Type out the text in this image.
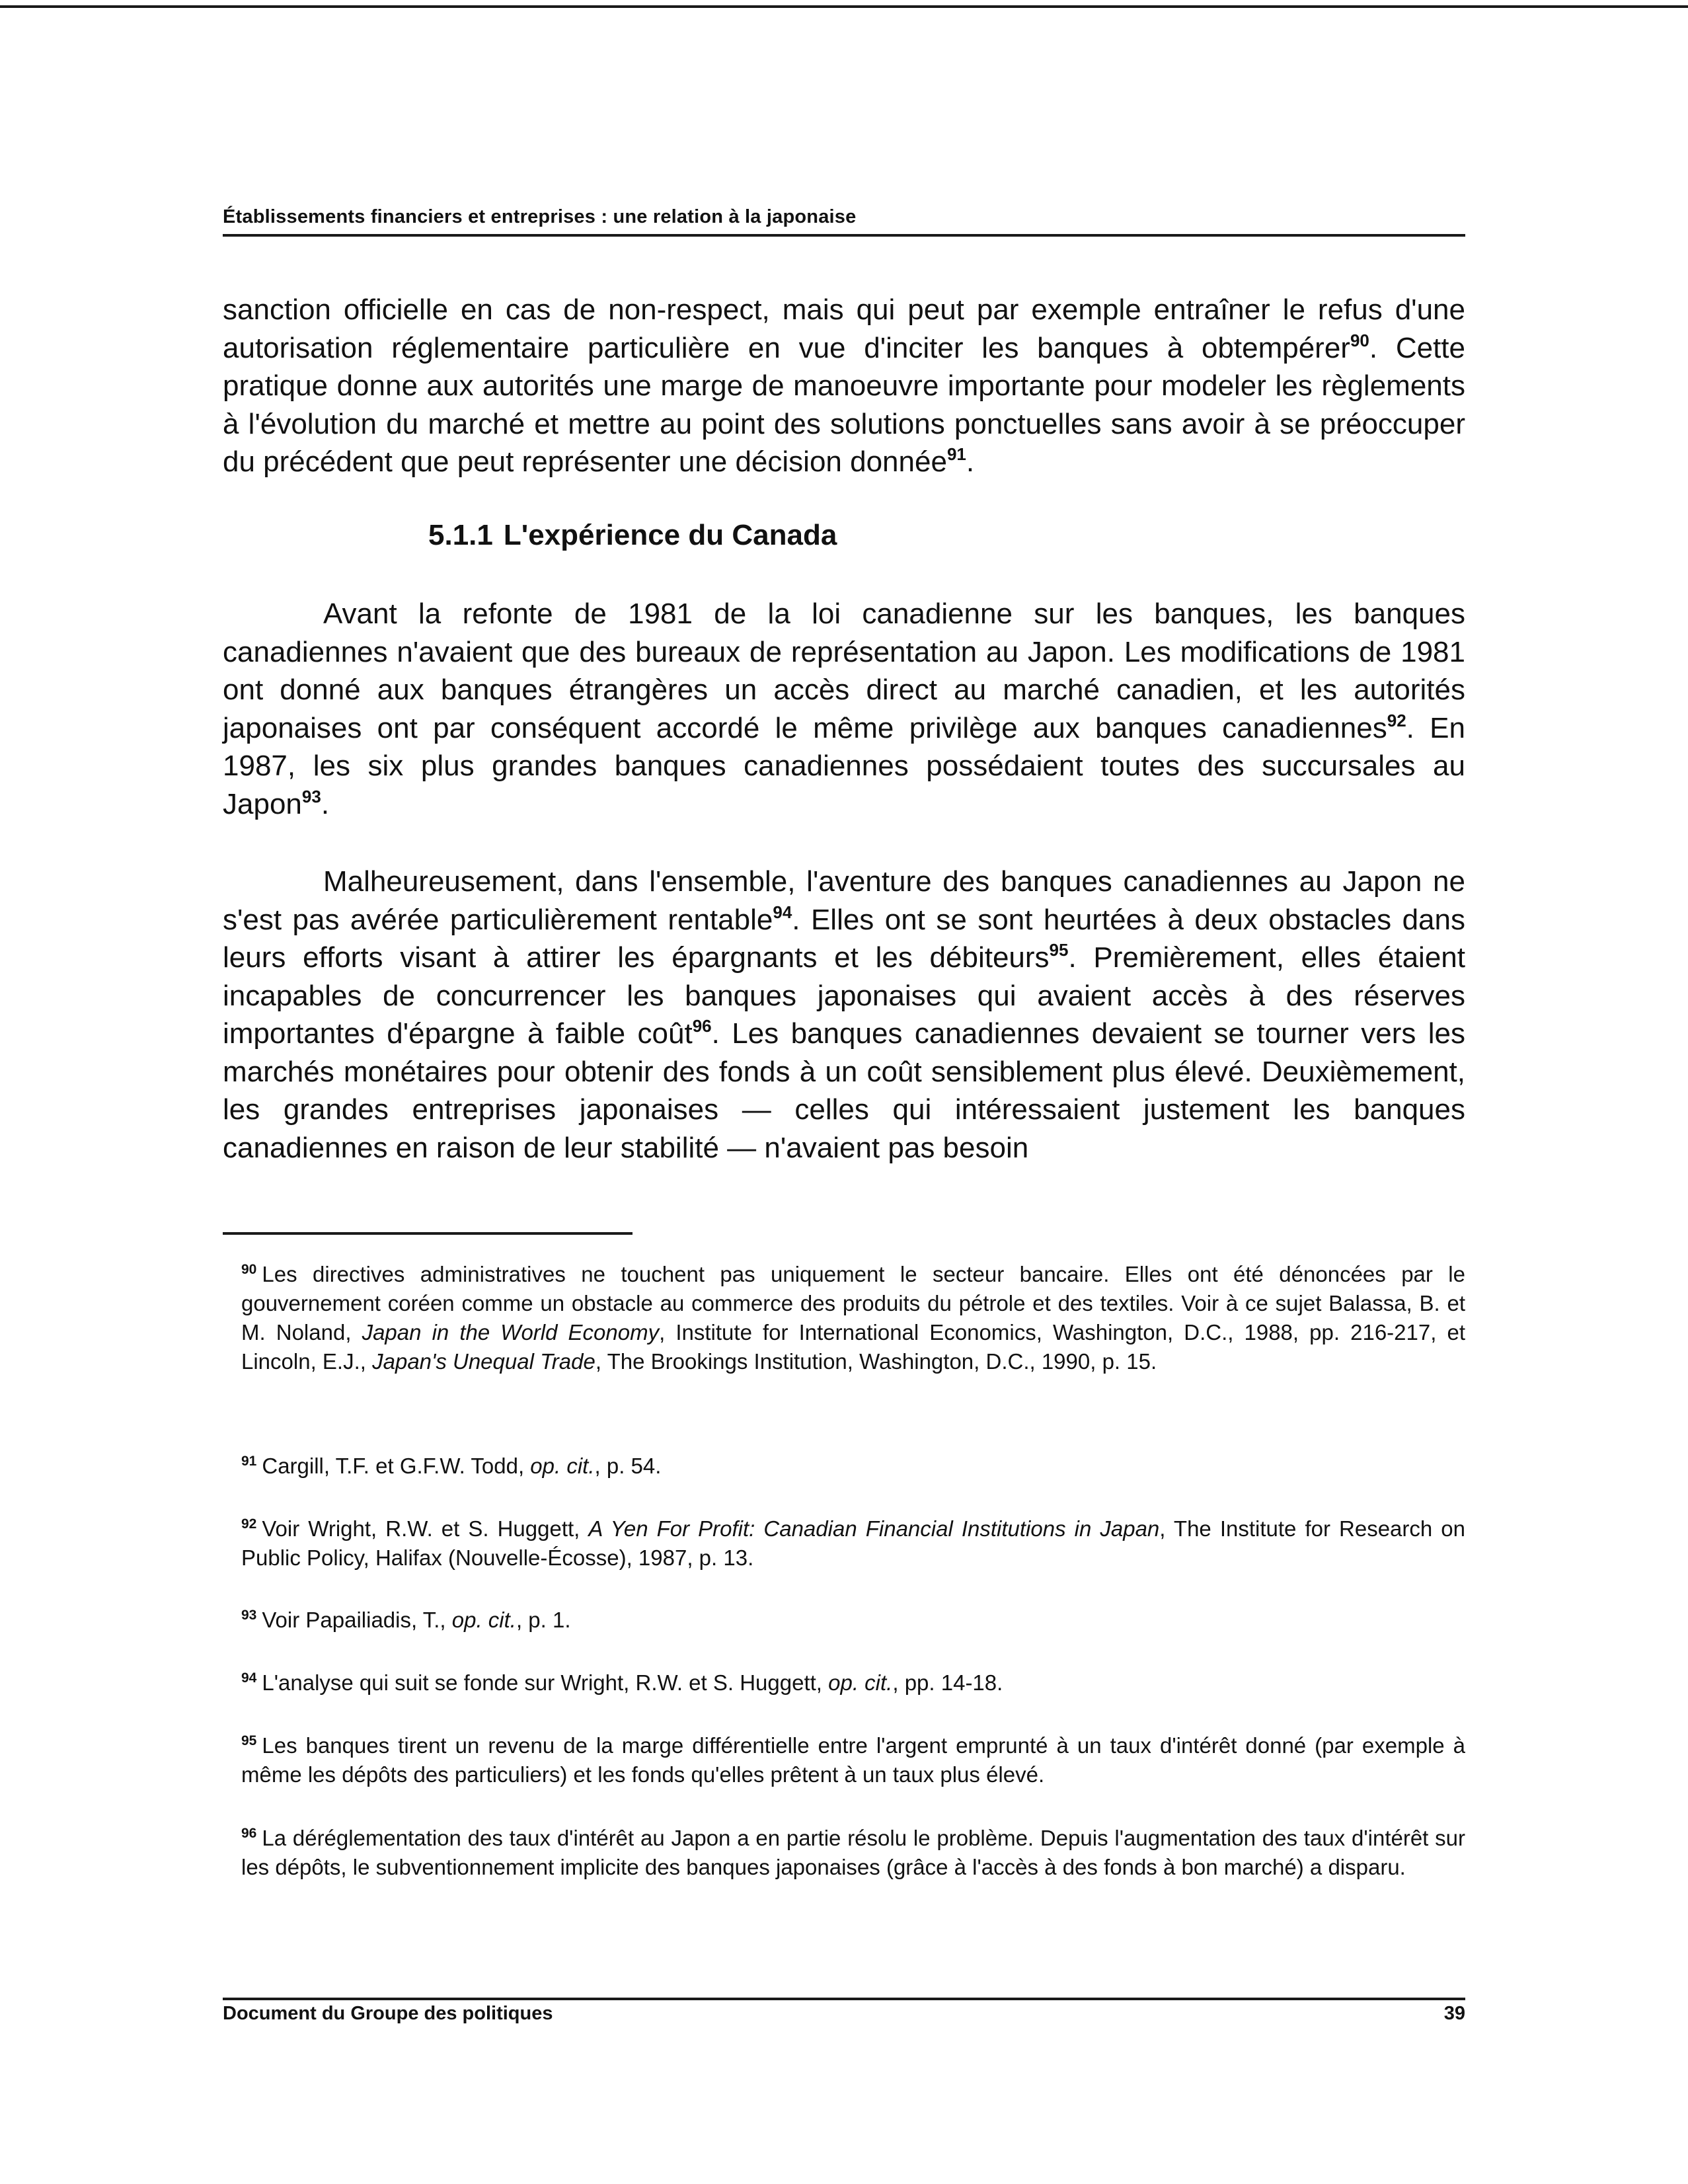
Établissements financiers et entreprises : une relation à la japonaise

sanction officielle en cas de non-respect, mais qui peut par exemple entraîner le refus d'une autorisation réglementaire particulière en vue d'inciter les banques à obtempérer$^{90}$. Cette pratique donne aux autorités une marge de manoeuvre importante pour modeler les règlements à l'évolution du marché et mettre au point des solutions ponctuelles sans avoir à se préoccuper du précédent que peut représenter une décision donnée$^{91}$.

5.1.1 L'expérience du Canada

Avant la refonte de 1981 de la loi canadienne sur les banques, les banques canadiennes n'avaient que des bureaux de représentation au Japon. Les modifications de 1981 ont donné aux banques étrangères un accès direct au marché canadien, et les autorités japonaises ont par conséquent accordé le même privilège aux banques canadiennes$^{92}$. En 1987, les six plus grandes banques canadiennes possédaient toutes des succursales au Japon$^{93}$.

Malheureusement, dans l'ensemble, l'aventure des banques canadiennes au Japon ne s'est pas avérée particulièrement rentable$^{94}$. Elles ont se sont heurtées à deux obstacles dans leurs efforts visant à attirer les épargnants et les débiteurs$^{95}$. Premièrement, elles étaient incapables de concurrencer les banques japonaises qui avaient accès à des réserves importantes d'épargne à faible coût$^{96}$. Les banques canadiennes devaient se tourner vers les marchés monétaires pour obtenir des fonds à un coût sensiblement plus élevé. Deuxièmement, les grandes entreprises japonaises — celles qui intéressaient justement les banques canadiennes en raison de leur stabilité — n'avaient pas besoin

$^{90}$ Les directives administratives ne touchent pas uniquement le secteur bancaire. Elles ont été dénoncées par le gouvernement coréen comme un obstacle au commerce des produits du pétrole et des textiles. Voir à ce sujet Balassa, B. et M. Noland, Japan in the World Economy, Institute for International Economics, Washington, D.C., 1988, pp. 216-217, et Lincoln, E.J., Japan's Unequal Trade, The Brookings Institution, Washington, D.C., 1990, p. 15.
$^{91}$ Cargill, T.F. et G.F.W. Todd, op. cit., p. 54.
$^{92}$ Voir Wright, R.W. et S. Huggett, A Yen For Profit: Canadian Financial Institutions in Japan, The Institute for Research on Public Policy, Halifax (Nouvelle-Écosse), 1987, p. 13.
$^{93}$ Voir Papailiadis, T., op. cit., p. 1.
$^{94}$ L'analyse qui suit se fonde sur Wright, R.W. et S. Huggett, op. cit., pp. 14-18.
$^{95}$ Les banques tirent un revenu de la marge différentielle entre l'argent emprunté à un taux d'intérêt donné (par exemple à même les dépôts des particuliers) et les fonds qu'elles prêtent à un taux plus élevé.
$^{96}$ La déréglementation des taux d'intérêt au Japon a en partie résolu le problème. Depuis l'augmentation des taux d'intérêt sur les dépôts, le subventionnement implicite des banques japonaises (grâce à l'accès à des fonds à bon marché) a disparu.
Document du Groupe des politiques	39
